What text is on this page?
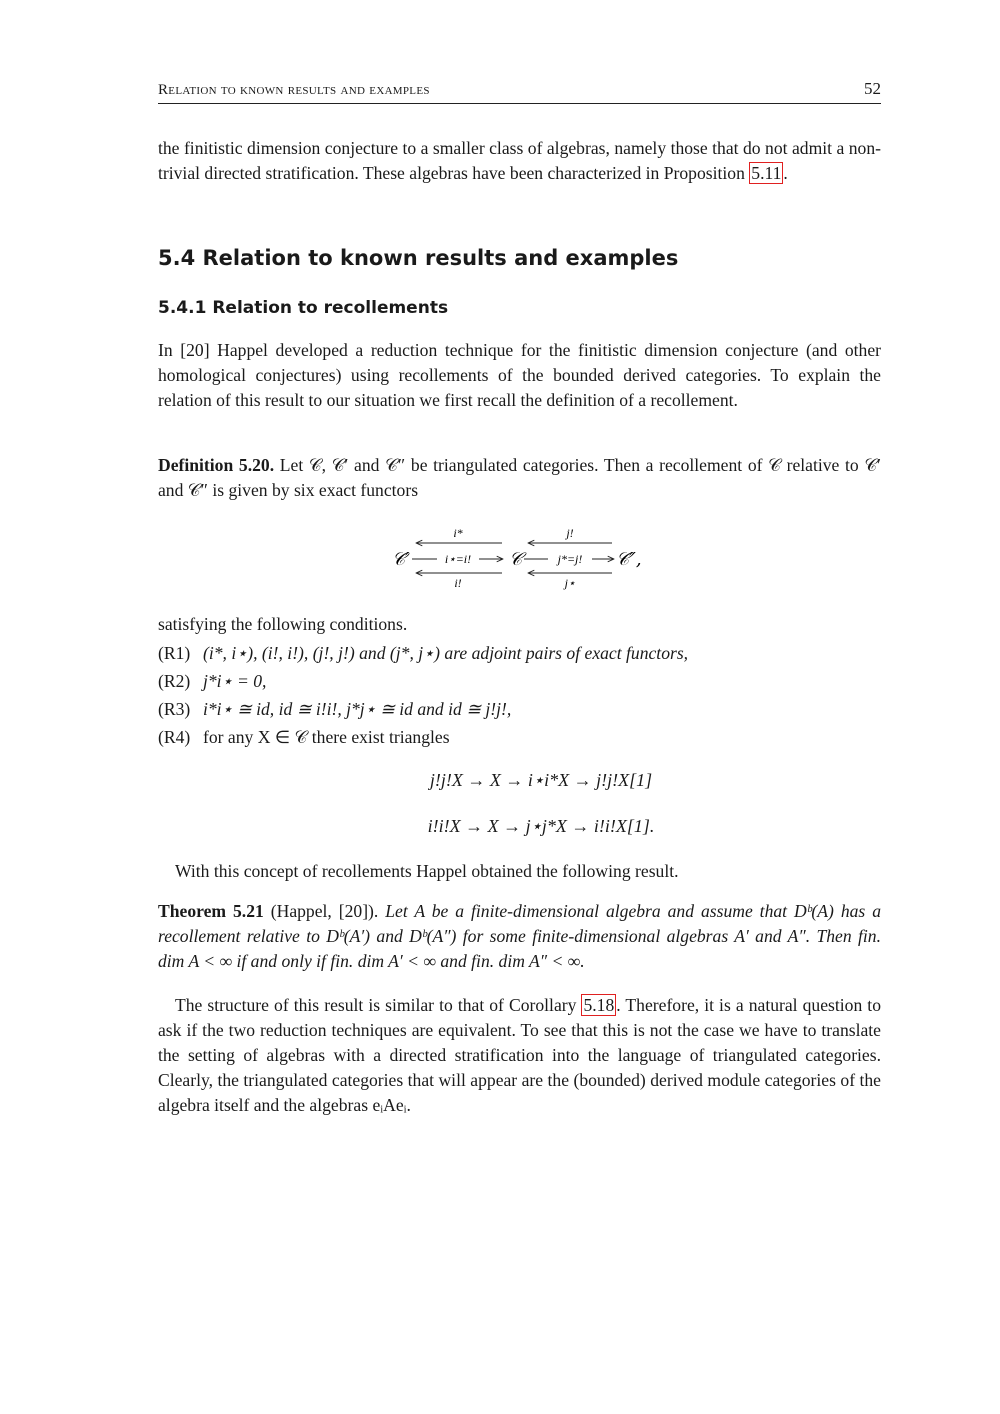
Relation to known results and examples	52

the finitistic dimension conjecture to a smaller class of algebras, namely those that do not admit a non-trivial directed stratification. These algebras have been characterized in Proposition 5.11 .

5.4 Relation to known results and examples
5.4.1 Relation to recollements

In [20] Happel developed a reduction technique for the finitistic dimension conjecture (and other homological conjectures) using recollements of the bounded derived categories. To explain the relation of this result to our situation we first recall the definition of a recollement.

Definition 5.20. Let 𝒞, 𝒞′ and 𝒞″ be triangulated categories. Then a recollement of 𝒞 relative to 𝒞′ and 𝒞″ is given by six exact functors

𝒞′	𝒞	𝒞″,
i*
i⋆=i!
i!
j!
j*=j!
j⋆

satisfying the following conditions.

(R1) (i*, i⋆), (i!, i!), (j!, j!) and (j*, j⋆) are adjoint pairs of exact functors,
(R2) j*i⋆ = 0,
(R3) i*i⋆ ≅ id, id ≅ i!i!, j*j⋆ ≅ id and id ≅ j!j!,
(R4) for any X ∈ 𝒞 there exist triangles
j!j!X → X → i⋆i*X → j!j!X[1]
i!i!X → X → j⋆j*X → i!i!X[1].

With this concept of recollements Happel obtained the following result.

Theorem 5.21 (Happel, [20]). Let A be a finite-dimensional algebra and assume that Dᵇ(A) has a recollement relative to Dᵇ(A′) and Dᵇ(A″) for some finite-dimensional algebras A′ and A″. Then fin. dim A < ∞ if and only if fin. dim A′ < ∞ and fin. dim A″ < ∞.

The structure of this result is similar to that of Corollary 5.18 . Therefore, it is a natural question to ask if the two reduction techniques are equivalent. To see that this is not the case we have to translate the setting of algebras with a directed stratification into the language of triangulated categories. Clearly, the triangulated categories that will appear are the (bounded) derived module categories of the algebra itself and the algebras eᵢAeᵢ.
